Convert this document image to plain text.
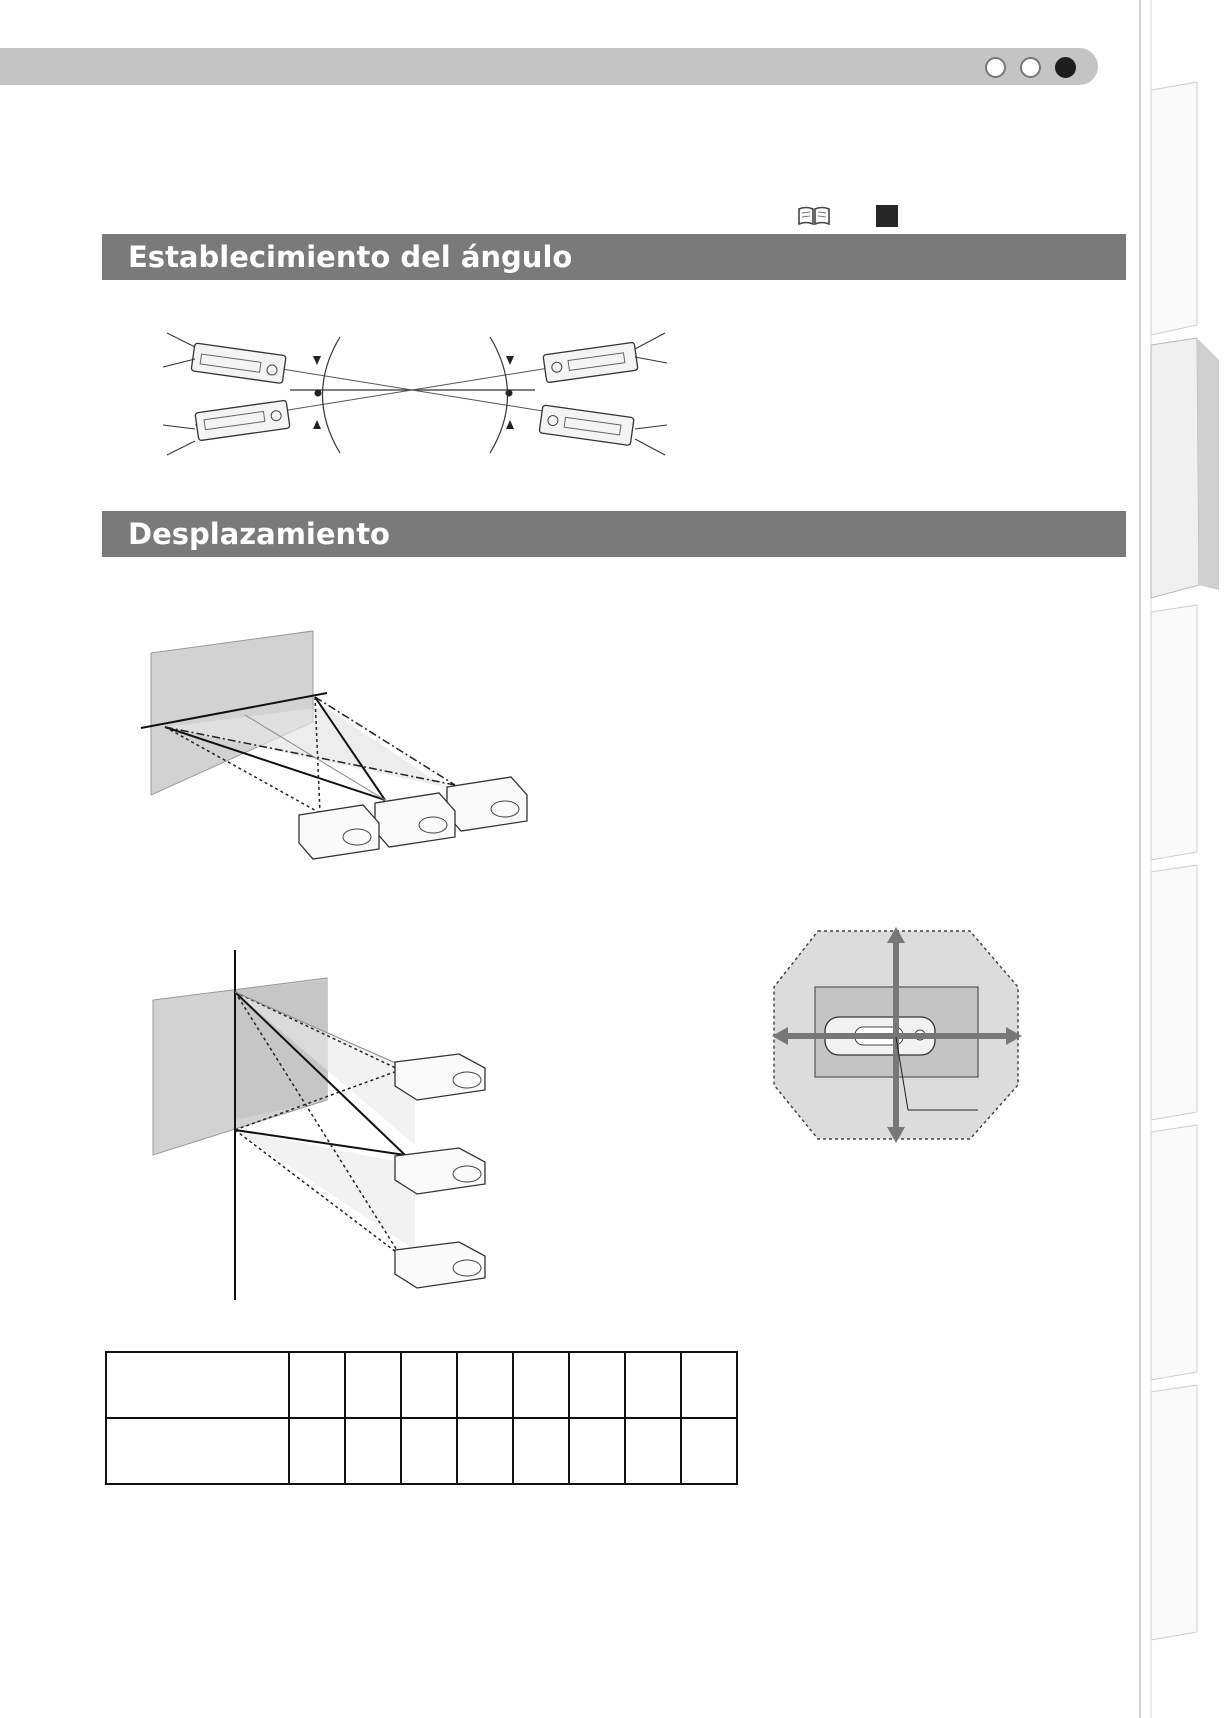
Establecimiento del ángulo
Desplazamiento
